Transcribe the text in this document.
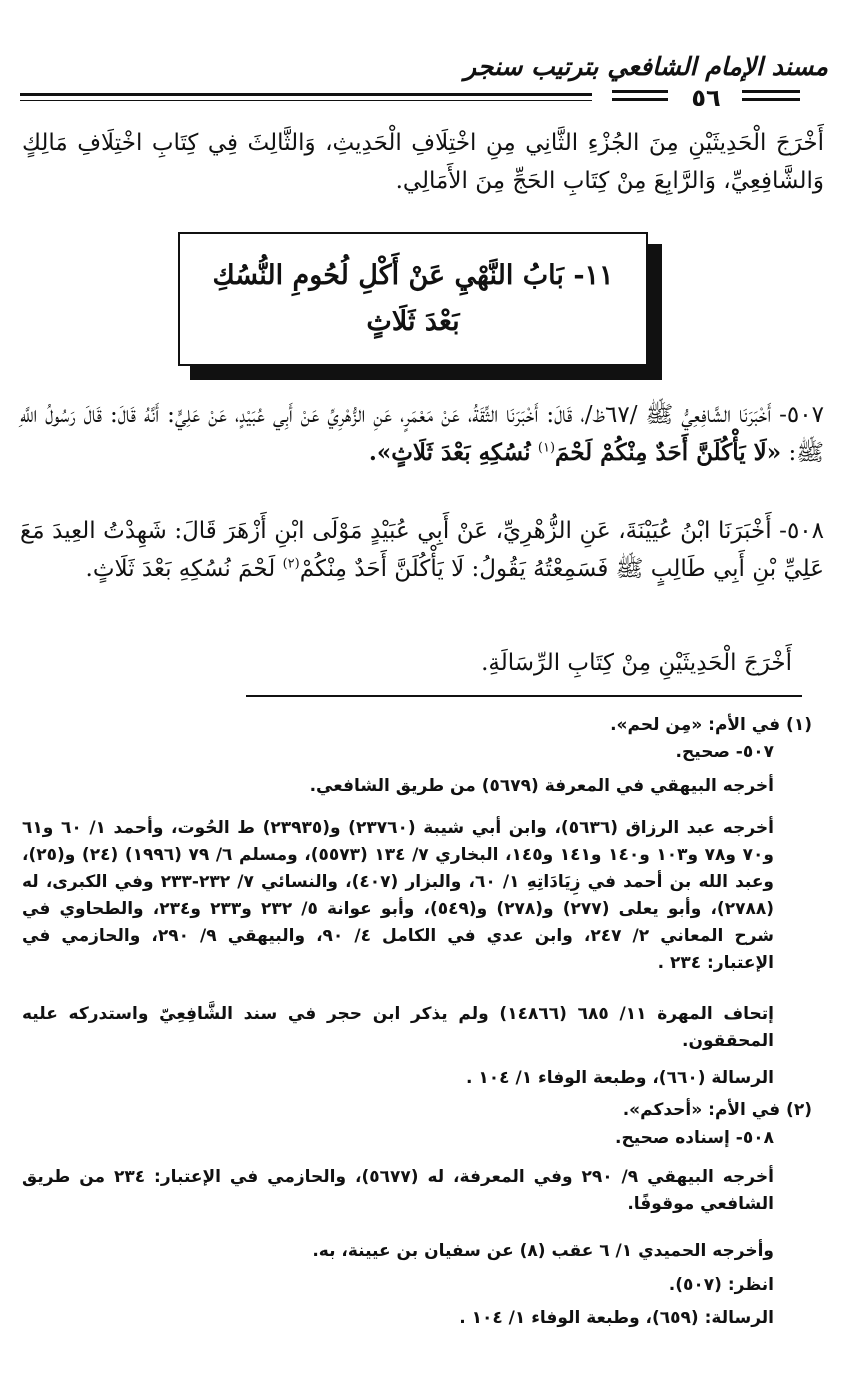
مسند الإمام الشافعي بترتيب سنجر
٥٦
أَخْرَجَ الْحَدِيثَيْنِ مِنَ الجُزْءِ الثَّانِي مِنِ اخْتِلَافِ الْحَدِيثِ، وَالثَّالِثَ فِي كِتَابِ اخْتِلَافِ مَالِكٍ وَالشَّافِعِيِّ، وَالرَّابِعَ مِنْ كِتَابِ الحَجِّ مِنَ الأَمَالِي.
١١- بَابُ النَّهْيِ عَنْ أَكْلِ لُحُومِ النُّسُكِ
بَعْدَ ثَلَاثٍ
٥٠٧- أَخْبَرَنَا الشَّافِعِيُّ ﷺ /٦٧ظ/، قَالَ: أَخْبَرَنَا الثِّقَةُ، عَنْ مَعْمَرٍ، عَنِ الزُّهْرِيِّ عَنْ أَبِي عُبَيْدٍ، عَنْ عَلِيٍّ: أَنَّهُ قَالَ: قَالَ رَسُولُ اللَّهِ ﷺ: «لَا يَأْكُلَنَّ أَحَدٌ مِنْكُمْ لَحْمَ$^{(١)}$ نُسُكِهِ بَعْدَ ثَلَاثٍ».
٥٠٨- أَخْبَرَنَا ابْنُ عُيَيْنَةَ، عَنِ الزُّهْرِيِّ، عَنْ أَبِي عُبَيْدٍ مَوْلَى ابْنِ أَزْهَرَ قَالَ: شَهِدْتُ العِيدَ مَعَ عَلِيِّ بْنِ أَبِي طَالِبٍ ﷺ فَسَمِعْتُهُ يَقُولُ: لَا يَأْكُلَنَّ أَحَدٌ مِنْكُمْ$^{(٢)}$ لَحْمَ نُسُكِهِ بَعْدَ ثَلَاثٍ.
أَخْرَجَ الْحَدِيثَيْنِ مِنْ كِتَابِ الرِّسَالَةِ.
(١) في الأم: «مِن لحم».
٥٠٧- صحيح.
أخرجه البيهقي في المعرفة (٥٦٧٩) من طريق الشافعي.
أخرجه عبد الرزاق (٥٦٣٦)، وابن أبي شيبة (٢٣٧٦٠) و(٢٣٩٣٥) ط الحُوت، وأحمد ١/ ٦٠ و٦١ و٧٠ و٧٨ و١٠٣ و١٤٠ و١٤١ و١٤٥، البخاري ٧/ ١٣٤ (٥٥٧٣)، ومسلم ٦/ ٧٩ (١٩٩٦) (٢٤) و(٢٥)، وعبد الله بن أحمد في زِيَادَاتِهِ ١/ ٦٠، والبزار (٤٠٧)، والنسائي ٧/ ٢٣٢-٢٣٣ وفي الكبرى، له (٢٧٨٨)، وأبو يعلى (٢٧٧) و(٢٧٨) و(٥٤٩)، وأبو عوانة ٥/ ٢٣٢ و٢٣٣ و٢٣٤، والطحاوي في شرح المعاني ٢/ ٢٤٧، وابن عدي في الكامل ٤/ ٩٠، والبيهقي ٩/ ٢٩٠، والحازمي في الإعتبار: ٢٣٤ .
إتحاف المهرة ١١/ ٦٨٥ (١٤٨٦٦) ولم يذكر ابن حجر في سند الشَّافِعِيّ واستدركه عليه المحققون.
الرسالة (٦٦٠)، وطبعة الوفاء ١/ ١٠٤ .
(٢) في الأم: «أحدكم».
٥٠٨- إسناده صحيح.
أخرجه البيهقي ٩/ ٢٩٠ وفي المعرفة، له (٥٦٧٧)، والحازمي في الإعتبار: ٢٣٤ من طريق الشافعي موقوفًا.
وأخرجه الحميدي ١/ ٦ عقب (٨) عن سفيان بن عيينة، به.
انظر: (٥٠٧).
الرسالة: (٦٥٩)، وطبعة الوفاء ١/ ١٠٤ .
